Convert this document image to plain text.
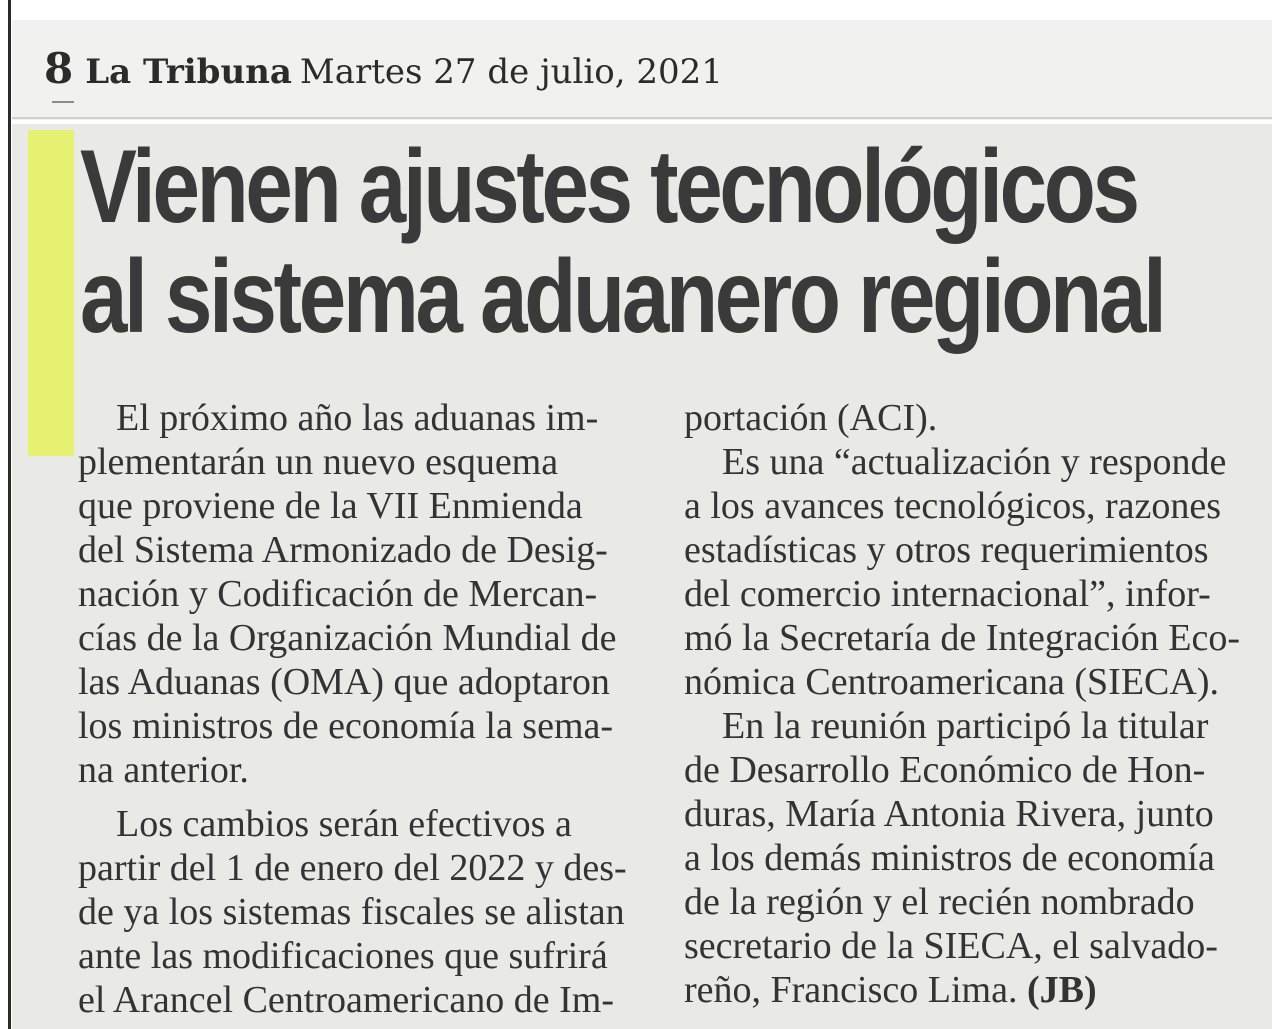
8 La Tribuna Martes 27 de julio, 2021
Vienen ajustes tecnológicos
al sistema aduanero regional
El próximo año las aduanas im-
plementarán un nuevo esquema
que proviene de la VII Enmienda
del Sistema Armonizado de Desig-
nación y Codificación de Mercan-
cías de la Organización Mundial de
las Aduanas (OMA) que adoptaron
los ministros de economía la sema-
na anterior.
Los cambios serán efectivos a
partir del 1 de enero del 2022 y des-
de ya los sistemas fiscales se alistan
ante las modificaciones que sufrirá
el Arancel Centroamericano de Im-
portación (ACI).
Es una “actualización y responde
a los avances tecnológicos, razones
estadísticas y otros requerimientos
del comercio internacional”, infor-
mó la Secretaría de Integración Eco-
nómica Centroamericana (SIECA).
En la reunión participó la titular
de Desarrollo Económico de Hon-
duras, María Antonia Rivera, junto
a los demás ministros de economía
de la región y el recién nombrado
secretario de la SIECA, el salvado-
reño, Francisco Lima. (JB)
